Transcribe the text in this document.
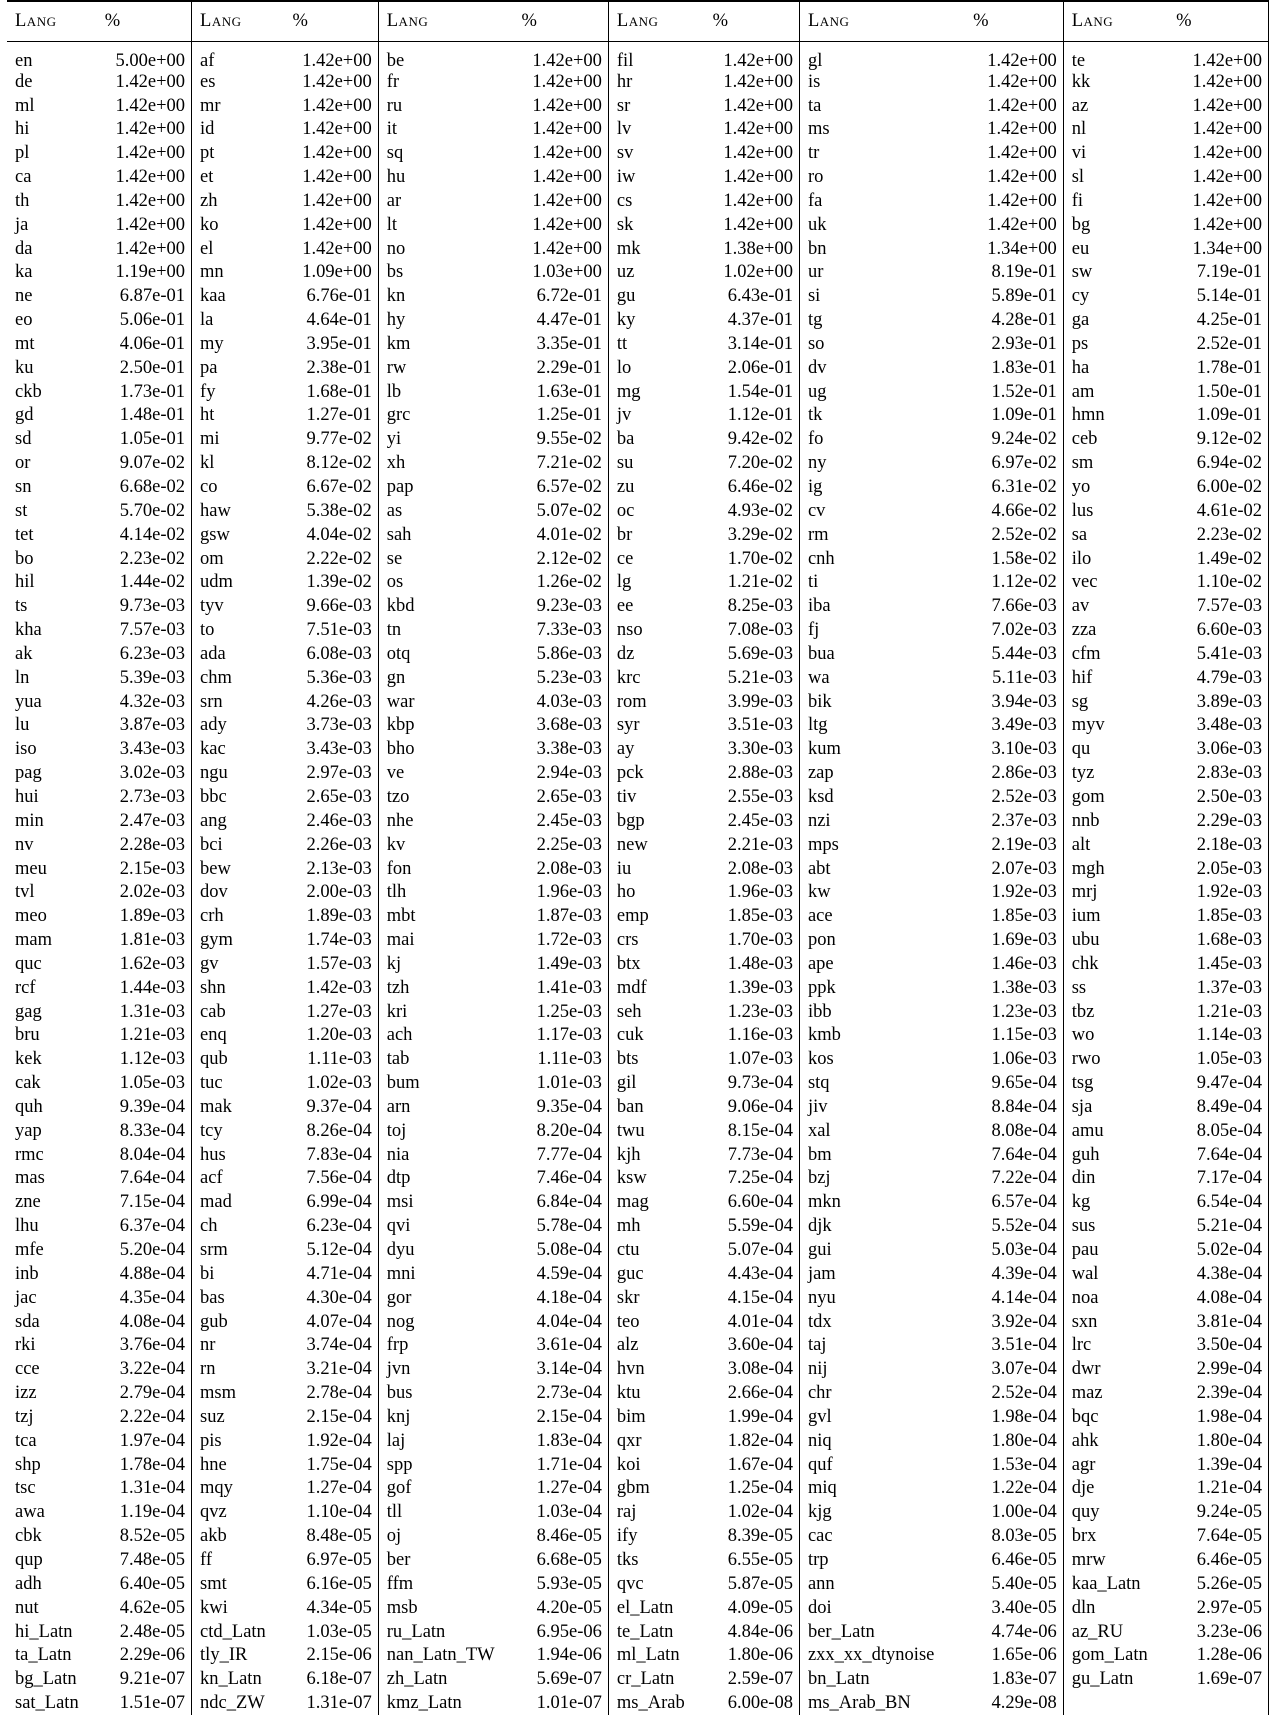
Lang	%	Lang	%	Lang	%	Lang	%	Lang	%	Lang	%
en	5.00e+00	af	1.42e+00	be	1.42e+00	fil	1.42e+00	gl	1.42e+00	te	1.42e+00
de	1.42e+00	es	1.42e+00	fr	1.42e+00	hr	1.42e+00	is	1.42e+00	kk	1.42e+00
ml	1.42e+00	mr	1.42e+00	ru	1.42e+00	sr	1.42e+00	ta	1.42e+00	az	1.42e+00
hi	1.42e+00	id	1.42e+00	it	1.42e+00	lv	1.42e+00	ms	1.42e+00	nl	1.42e+00
pl	1.42e+00	pt	1.42e+00	sq	1.42e+00	sv	1.42e+00	tr	1.42e+00	vi	1.42e+00
ca	1.42e+00	et	1.42e+00	hu	1.42e+00	iw	1.42e+00	ro	1.42e+00	sl	1.42e+00
th	1.42e+00	zh	1.42e+00	ar	1.42e+00	cs	1.42e+00	fa	1.42e+00	fi	1.42e+00
ja	1.42e+00	ko	1.42e+00	lt	1.42e+00	sk	1.42e+00	uk	1.42e+00	bg	1.42e+00
da	1.42e+00	el	1.42e+00	no	1.42e+00	mk	1.38e+00	bn	1.34e+00	eu	1.34e+00
ka	1.19e+00	mn	1.09e+00	bs	1.03e+00	uz	1.02e+00	ur	8.19e-01	sw	7.19e-01
ne	6.87e-01	kaa	6.76e-01	kn	6.72e-01	gu	6.43e-01	si	5.89e-01	cy	5.14e-01
eo	5.06e-01	la	4.64e-01	hy	4.47e-01	ky	4.37e-01	tg	4.28e-01	ga	4.25e-01
mt	4.06e-01	my	3.95e-01	km	3.35e-01	tt	3.14e-01	so	2.93e-01	ps	2.52e-01
ku	2.50e-01	pa	2.38e-01	rw	2.29e-01	lo	2.06e-01	dv	1.83e-01	ha	1.78e-01
ckb	1.73e-01	fy	1.68e-01	lb	1.63e-01	mg	1.54e-01	ug	1.52e-01	am	1.50e-01
gd	1.48e-01	ht	1.27e-01	grc	1.25e-01	jv	1.12e-01	tk	1.09e-01	hmn	1.09e-01
sd	1.05e-01	mi	9.77e-02	yi	9.55e-02	ba	9.42e-02	fo	9.24e-02	ceb	9.12e-02
or	9.07e-02	kl	8.12e-02	xh	7.21e-02	su	7.20e-02	ny	6.97e-02	sm	6.94e-02
sn	6.68e-02	co	6.67e-02	pap	6.57e-02	zu	6.46e-02	ig	6.31e-02	yo	6.00e-02
st	5.70e-02	haw	5.38e-02	as	5.07e-02	oc	4.93e-02	cv	4.66e-02	lus	4.61e-02
tet	4.14e-02	gsw	4.04e-02	sah	4.01e-02	br	3.29e-02	rm	2.52e-02	sa	2.23e-02
bo	2.23e-02	om	2.22e-02	se	2.12e-02	ce	1.70e-02	cnh	1.58e-02	ilo	1.49e-02
hil	1.44e-02	udm	1.39e-02	os	1.26e-02	lg	1.21e-02	ti	1.12e-02	vec	1.10e-02
ts	9.73e-03	tyv	9.66e-03	kbd	9.23e-03	ee	8.25e-03	iba	7.66e-03	av	7.57e-03
kha	7.57e-03	to	7.51e-03	tn	7.33e-03	nso	7.08e-03	fj	7.02e-03	zza	6.60e-03
ak	6.23e-03	ada	6.08e-03	otq	5.86e-03	dz	5.69e-03	bua	5.44e-03	cfm	5.41e-03
ln	5.39e-03	chm	5.36e-03	gn	5.23e-03	krc	5.21e-03	wa	5.11e-03	hif	4.79e-03
yua	4.32e-03	srn	4.26e-03	war	4.03e-03	rom	3.99e-03	bik	3.94e-03	sg	3.89e-03
lu	3.87e-03	ady	3.73e-03	kbp	3.68e-03	syr	3.51e-03	ltg	3.49e-03	myv	3.48e-03
iso	3.43e-03	kac	3.43e-03	bho	3.38e-03	ay	3.30e-03	kum	3.10e-03	qu	3.06e-03
pag	3.02e-03	ngu	2.97e-03	ve	2.94e-03	pck	2.88e-03	zap	2.86e-03	tyz	2.83e-03
hui	2.73e-03	bbc	2.65e-03	tzo	2.65e-03	tiv	2.55e-03	ksd	2.52e-03	gom	2.50e-03
min	2.47e-03	ang	2.46e-03	nhe	2.45e-03	bgp	2.45e-03	nzi	2.37e-03	nnb	2.29e-03
nv	2.28e-03	bci	2.26e-03	kv	2.25e-03	new	2.21e-03	mps	2.19e-03	alt	2.18e-03
meu	2.15e-03	bew	2.13e-03	fon	2.08e-03	iu	2.08e-03	abt	2.07e-03	mgh	2.05e-03
tvl	2.02e-03	dov	2.00e-03	tlh	1.96e-03	ho	1.96e-03	kw	1.92e-03	mrj	1.92e-03
meo	1.89e-03	crh	1.89e-03	mbt	1.87e-03	emp	1.85e-03	ace	1.85e-03	ium	1.85e-03
mam	1.81e-03	gym	1.74e-03	mai	1.72e-03	crs	1.70e-03	pon	1.69e-03	ubu	1.68e-03
quc	1.62e-03	gv	1.57e-03	kj	1.49e-03	btx	1.48e-03	ape	1.46e-03	chk	1.45e-03
rcf	1.44e-03	shn	1.42e-03	tzh	1.41e-03	mdf	1.39e-03	ppk	1.38e-03	ss	1.37e-03
gag	1.31e-03	cab	1.27e-03	kri	1.25e-03	seh	1.23e-03	ibb	1.23e-03	tbz	1.21e-03
bru	1.21e-03	enq	1.20e-03	ach	1.17e-03	cuk	1.16e-03	kmb	1.15e-03	wo	1.14e-03
kek	1.12e-03	qub	1.11e-03	tab	1.11e-03	bts	1.07e-03	kos	1.06e-03	rwo	1.05e-03
cak	1.05e-03	tuc	1.02e-03	bum	1.01e-03	gil	9.73e-04	stq	9.65e-04	tsg	9.47e-04
quh	9.39e-04	mak	9.37e-04	arn	9.35e-04	ban	9.06e-04	jiv	8.84e-04	sja	8.49e-04
yap	8.33e-04	tcy	8.26e-04	toj	8.20e-04	twu	8.15e-04	xal	8.08e-04	amu	8.05e-04
rmc	8.04e-04	hus	7.83e-04	nia	7.77e-04	kjh	7.73e-04	bm	7.64e-04	guh	7.64e-04
mas	7.64e-04	acf	7.56e-04	dtp	7.46e-04	ksw	7.25e-04	bzj	7.22e-04	din	7.17e-04
zne	7.15e-04	mad	6.99e-04	msi	6.84e-04	mag	6.60e-04	mkn	6.57e-04	kg	6.54e-04
lhu	6.37e-04	ch	6.23e-04	qvi	5.78e-04	mh	5.59e-04	djk	5.52e-04	sus	5.21e-04
mfe	5.20e-04	srm	5.12e-04	dyu	5.08e-04	ctu	5.07e-04	gui	5.03e-04	pau	5.02e-04
inb	4.88e-04	bi	4.71e-04	mni	4.59e-04	guc	4.43e-04	jam	4.39e-04	wal	4.38e-04
jac	4.35e-04	bas	4.30e-04	gor	4.18e-04	skr	4.15e-04	nyu	4.14e-04	noa	4.08e-04
sda	4.08e-04	gub	4.07e-04	nog	4.04e-04	teo	4.01e-04	tdx	3.92e-04	sxn	3.81e-04
rki	3.76e-04	nr	3.74e-04	frp	3.61e-04	alz	3.60e-04	taj	3.51e-04	lrc	3.50e-04
cce	3.22e-04	rn	3.21e-04	jvn	3.14e-04	hvn	3.08e-04	nij	3.07e-04	dwr	2.99e-04
izz	2.79e-04	msm	2.78e-04	bus	2.73e-04	ktu	2.66e-04	chr	2.52e-04	maz	2.39e-04
tzj	2.22e-04	suz	2.15e-04	knj	2.15e-04	bim	1.99e-04	gvl	1.98e-04	bqc	1.98e-04
tca	1.97e-04	pis	1.92e-04	laj	1.83e-04	qxr	1.82e-04	niq	1.80e-04	ahk	1.80e-04
shp	1.78e-04	hne	1.75e-04	spp	1.71e-04	koi	1.67e-04	quf	1.53e-04	agr	1.39e-04
tsc	1.31e-04	mqy	1.27e-04	gof	1.27e-04	gbm	1.25e-04	miq	1.22e-04	dje	1.21e-04
awa	1.19e-04	qvz	1.10e-04	tll	1.03e-04	raj	1.02e-04	kjg	1.00e-04	quy	9.24e-05
cbk	8.52e-05	akb	8.48e-05	oj	8.46e-05	ify	8.39e-05	cac	8.03e-05	brx	7.64e-05
qup	7.48e-05	ff	6.97e-05	ber	6.68e-05	tks	6.55e-05	trp	6.46e-05	mrw	6.46e-05
adh	6.40e-05	smt	6.16e-05	ffm	5.93e-05	qvc	5.87e-05	ann	5.40e-05	kaa_Latn	5.26e-05
nut	4.62e-05	kwi	4.34e-05	msb	4.20e-05	el_Latn	4.09e-05	doi	3.40e-05	dln	2.97e-05
hi_Latn	2.48e-05	ctd_Latn	1.03e-05	ru_Latn	6.95e-06	te_Latn	4.84e-06	ber_Latn	4.74e-06	az_RU	3.23e-06
ta_Latn	2.29e-06	tly_IR	2.15e-06	nan_Latn_TW	1.94e-06	ml_Latn	1.80e-06	zxx_xx_dtynoise	1.65e-06	gom_Latn	1.28e-06
bg_Latn	9.21e-07	kn_Latn	6.18e-07	zh_Latn	5.69e-07	cr_Latn	2.59e-07	bn_Latn	1.83e-07	gu_Latn	1.69e-07
sat_Latn	1.51e-07	ndc_ZW	1.31e-07	kmz_Latn	1.01e-07	ms_Arab	6.00e-08	ms_Arab_BN	4.29e-08		
